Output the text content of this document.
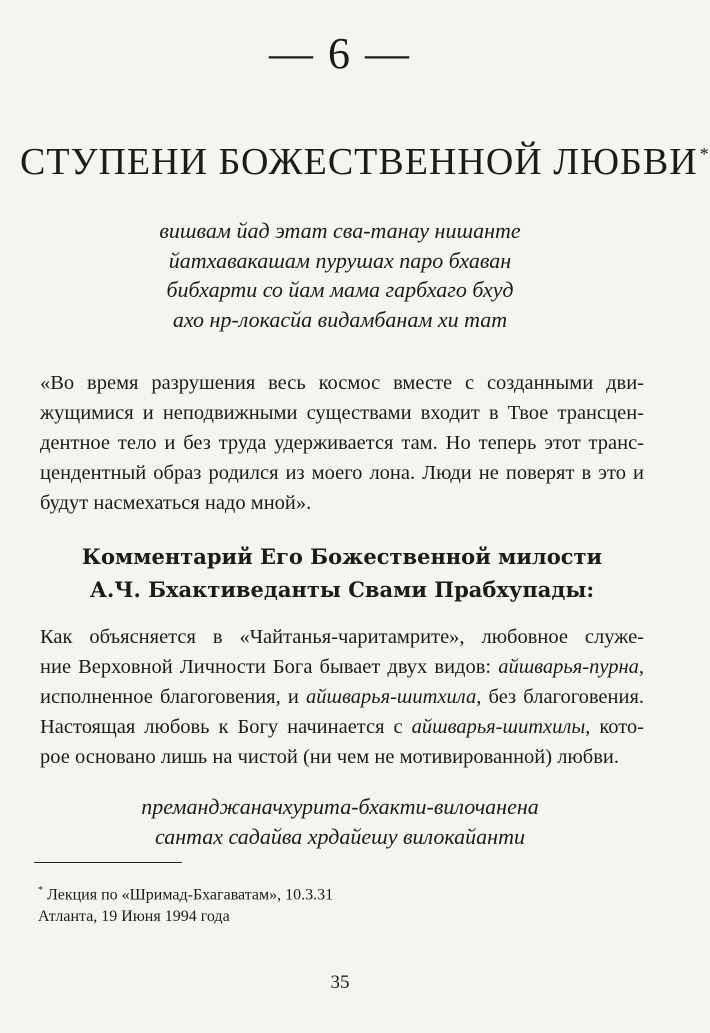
— 6 —
СТУПЕНИ БОЖЕСТВЕННОЙ ЛЮБВИ *
вишвам йад этат сва-танау нишанте
йатхавакашам пурушах паро бхаван
бибхарти со йам мама гарбхаго бхуд
ахо нр-локасйа видамбанам хи тат
«Во время разрушения весь космос вместе с созданными дви-
жущимися и неподвижными существами входит в Твое трансцен-
дентное тело и без труда удерживается там. Но теперь этот транс-
цендентный образ родился из моего лона. Люди не поверят в это и
будут насмехаться надо мной».
Комментарий Его Божественной милости
А.Ч. Бхактиведанты Свами Прабхупады:
Как объясняется в «Чайтанья-чаритамрите», любовное служе-
ние Верховной Личности Бога бывает двух видов: айшварья-пурна,
исполненное благоговения, и айшварья-шитхила, без благоговения.
Настоящая любовь к Богу начинается с айшварья-шитхилы, кото-
рое основано лишь на чистой (ни чем не мотивированной) любви.
преманджаначхурита-бхакти-вилочанена
сантах садайва хрдайешу вилокайанти
* Лекция по «Шримад-Бхагаватам», 10.3.31
Атланта, 19 Июня 1994 года
35
